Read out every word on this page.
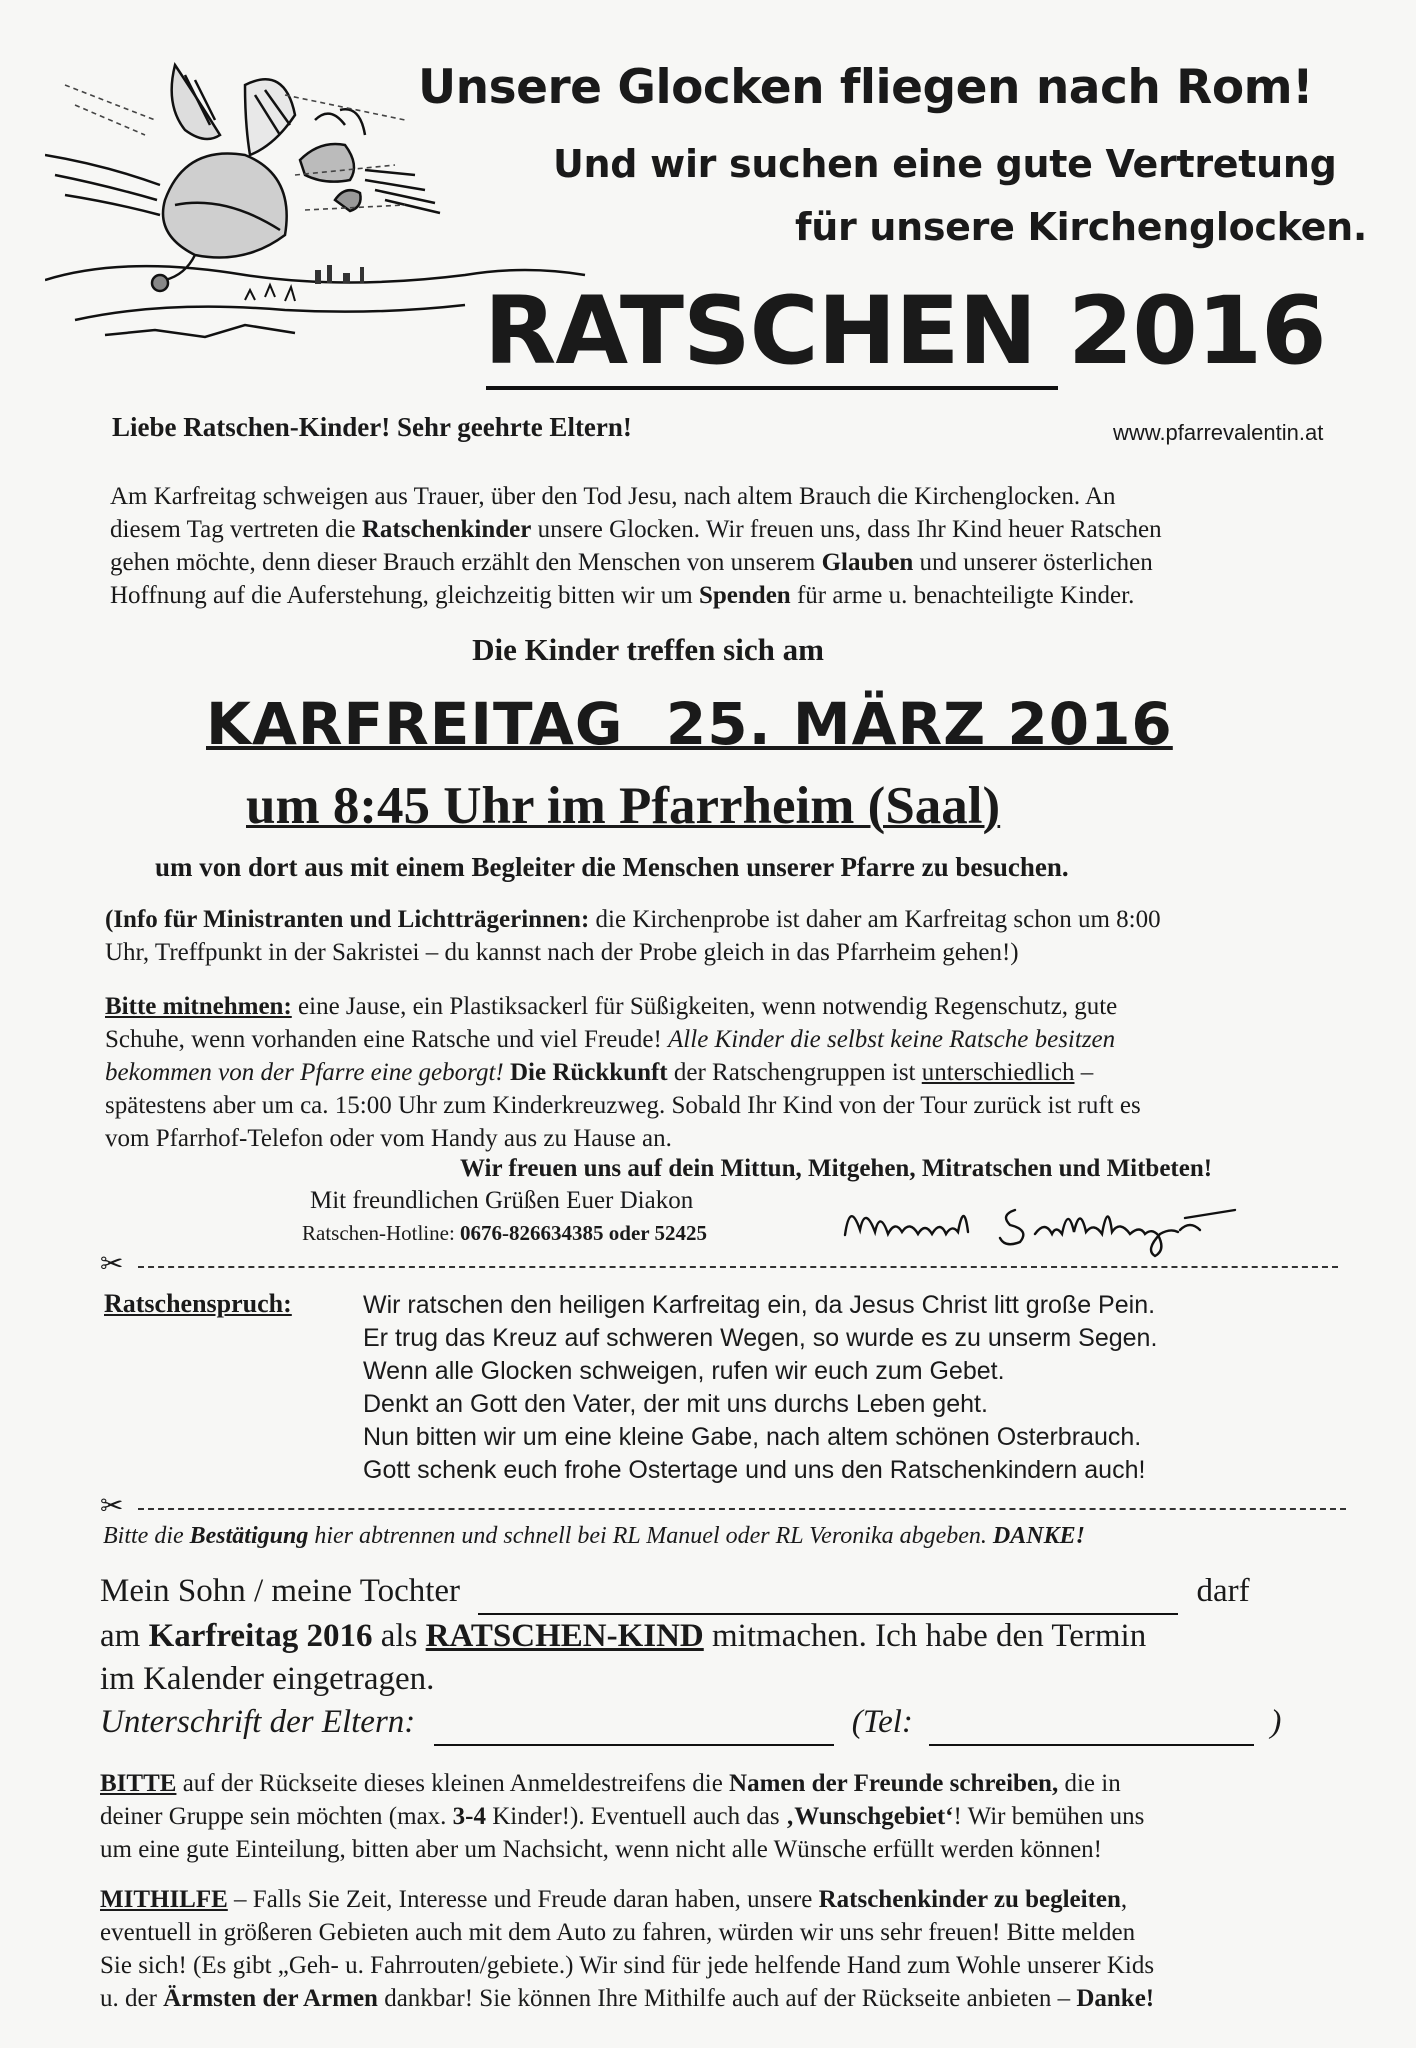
Unsere Glocken fliegen nach Rom!
Und wir suchen eine gute Vertretung
für unsere Kirchenglocken.
RATSCHEN 2016
Liebe Ratschen-Kinder! Sehr geehrte Eltern!	www.pfarrevalentin.at
Am Karfreitag schweigen aus Trauer, über den Tod Jesu, nach altem Brauch die Kirchenglocken. An
diesem Tag vertreten die Ratschenkinder unsere Glocken. Wir freuen uns, dass Ihr Kind heuer Ratschen
gehen möchte, denn dieser Brauch erzählt den Menschen von unserem Glauben und unserer österlichen
Hoffnung auf die Auferstehung, gleichzeitig bitten wir um Spenden für arme u. benachteiligte Kinder.
Die Kinder treffen sich am
KARFREITAG  25. MÄRZ 2016
um 8:45 Uhr im Pfarrheim (Saal)
um von dort aus mit einem Begleiter die Menschen unserer Pfarre zu besuchen.
(Info für Ministranten und Lichtträgerinnen: die Kirchenprobe ist daher am Karfreitag schon um 8:00
Uhr, Treffpunkt in der Sakristei – du kannst nach der Probe gleich in das Pfarrheim gehen!)
Bitte mitnehmen: eine Jause, ein Plastiksackerl für Süßigkeiten, wenn notwendig Regenschutz, gute
Schuhe, wenn vorhanden eine Ratsche und viel Freude! Alle Kinder die selbst keine Ratsche besitzen
bekommen von der Pfarre eine geborgt! Die Rückkunft der Ratschengruppen ist unterschiedlich –
spätestens aber um ca. 15:00 Uhr zum Kinderkreuzweg. Sobald Ihr Kind von der Tour zurück ist ruft es
vom Pfarrhof-Telefon oder vom Handy aus zu Hause an.
Wir freuen uns auf dein Mittun, Mitgehen, Mitratschen und Mitbeten!
Mit freundlichen Grüßen Euer Diakon
Ratschen-Hotline: 0676-826634385 oder 52425
✂
Ratschenspruch:	Wir ratschen den heiligen Karfreitag ein, da Jesus Christ litt große Pein.
Er trug das Kreuz auf schweren Wegen, so wurde es zu unserm Segen.
Wenn alle Glocken schweigen, rufen wir euch zum Gebet.
Denkt an Gott den Vater, der mit uns durchs Leben geht.
Nun bitten wir um eine kleine Gabe, nach altem schönen Osterbrauch.
Gott schenk euch frohe Ostertage und uns den Ratschenkindern auch!
✂
Bitte die Bestätigung hier abtrennen und schnell bei RL Manuel oder RL Veronika abgeben. DANKE!
Mein Sohn / meine Tochter	darf
am Karfreitag 2016 als RATSCHEN-KIND mitmachen. Ich habe den Termin
im Kalender eingetragen.
Unterschrift der Eltern:	(Tel:	)
BITTE auf der Rückseite dieses kleinen Anmeldestreifens die Namen der Freunde schreiben, die in
deiner Gruppe sein möchten (max. 3-4 Kinder!). Eventuell auch das ‚Wunschgebiet‘! Wir bemühen uns
um eine gute Einteilung, bitten aber um Nachsicht, wenn nicht alle Wünsche erfüllt werden können!
MITHILFE – Falls Sie Zeit, Interesse und Freude daran haben, unsere Ratschenkinder zu begleiten,
eventuell in größeren Gebieten auch mit dem Auto zu fahren, würden wir uns sehr freuen! Bitte melden
Sie sich! (Es gibt „Geh- u. Fahrrouten/gebiete.) Wir sind für jede helfende Hand zum Wohle unserer Kids
u. der Ärmsten der Armen dankbar! Sie können Ihre Mithilfe auch auf der Rückseite anbieten – Danke!
